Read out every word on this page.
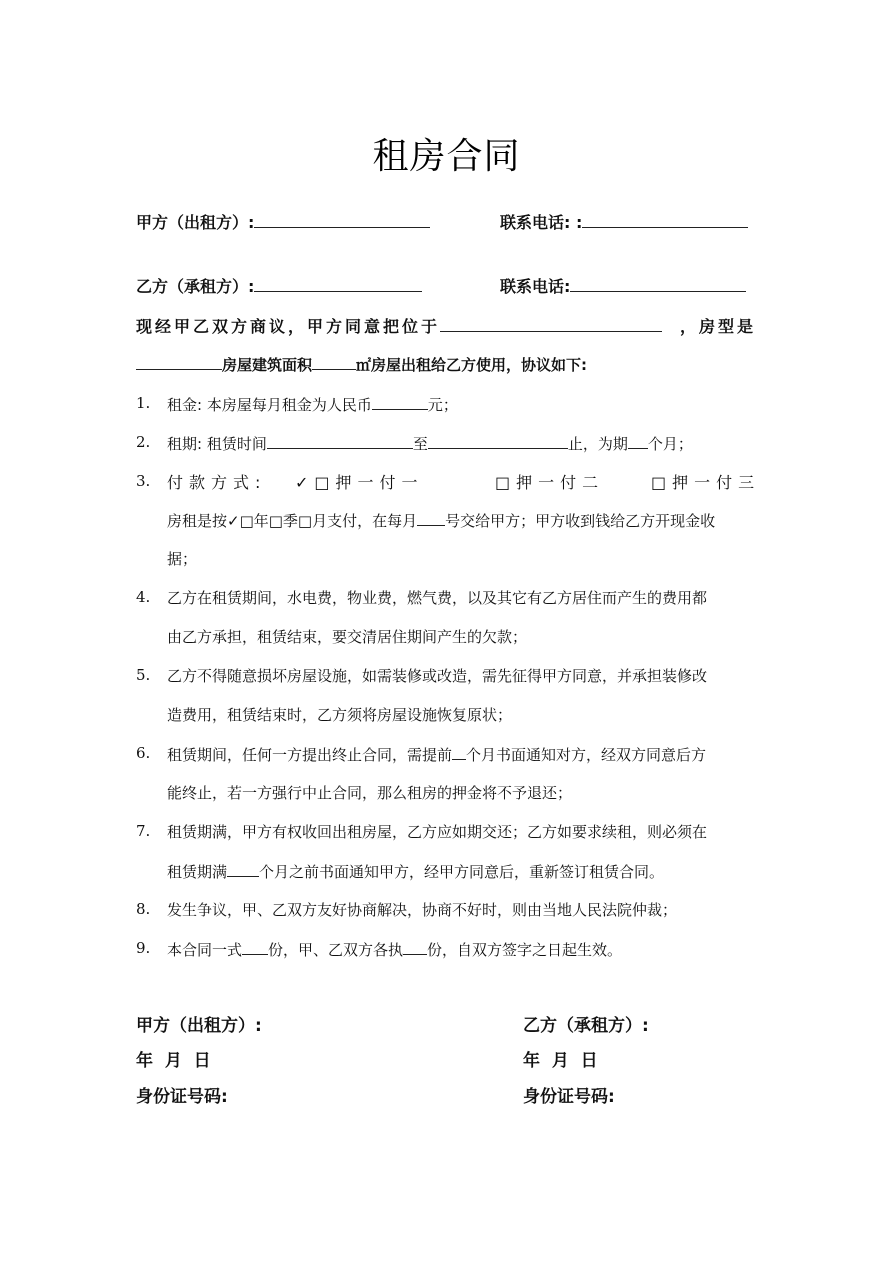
租房合同
甲方（出租方）:	联系电话: :
乙方（承租方）:	联系电话:
现经甲乙双方商议，甲方同意把位于	，房型是
房屋建筑面积	㎡房屋出租给乙方使用，协议如下:
1.	租金: 本房屋每月租金为人民币	元；
2.	租期: 租赁时间	至	止，为期 个月；
3.	付款方式: ✓□押一付一	□押一付二	□押一付三
房租是按✓□年□季□月支付，在每月 号交给甲方；甲方收到钱给乙方开现金收
据；
4.	乙方在租赁期间，水电费，物业费，燃气费，以及其它有乙方居住而产生的费用都
由乙方承担，租赁结束，要交清居住期间产生的欠款；
5.	乙方不得随意损坏房屋设施，如需装修或改造，需先征得甲方同意，并承担装修改
造费用，租赁结束时，乙方须将房屋设施恢复原状；
6.	租赁期间，任何一方提出终止合同，需提前 个月书面通知对方，经双方同意后方
能终止，若一方强行中止合同，那么租房的押金将不予退还；
7.	租赁期满，甲方有权收回出租房屋，乙方应如期交还；乙方如要求续租，则必须在
租赁期满 个月之前书面通知甲方，经甲方同意后，重新签订租赁合同。
8.	发生争议，甲、乙双方友好协商解决，协商不好时，则由当地人民法院仲裁；
9.	本合同一式 份，甲、乙双方各执 份，自双方签字之日起生效。
甲方（出租方）:
年  月  日
身份证号码:
乙方（承租方）:
年  月  日
身份证号码:
